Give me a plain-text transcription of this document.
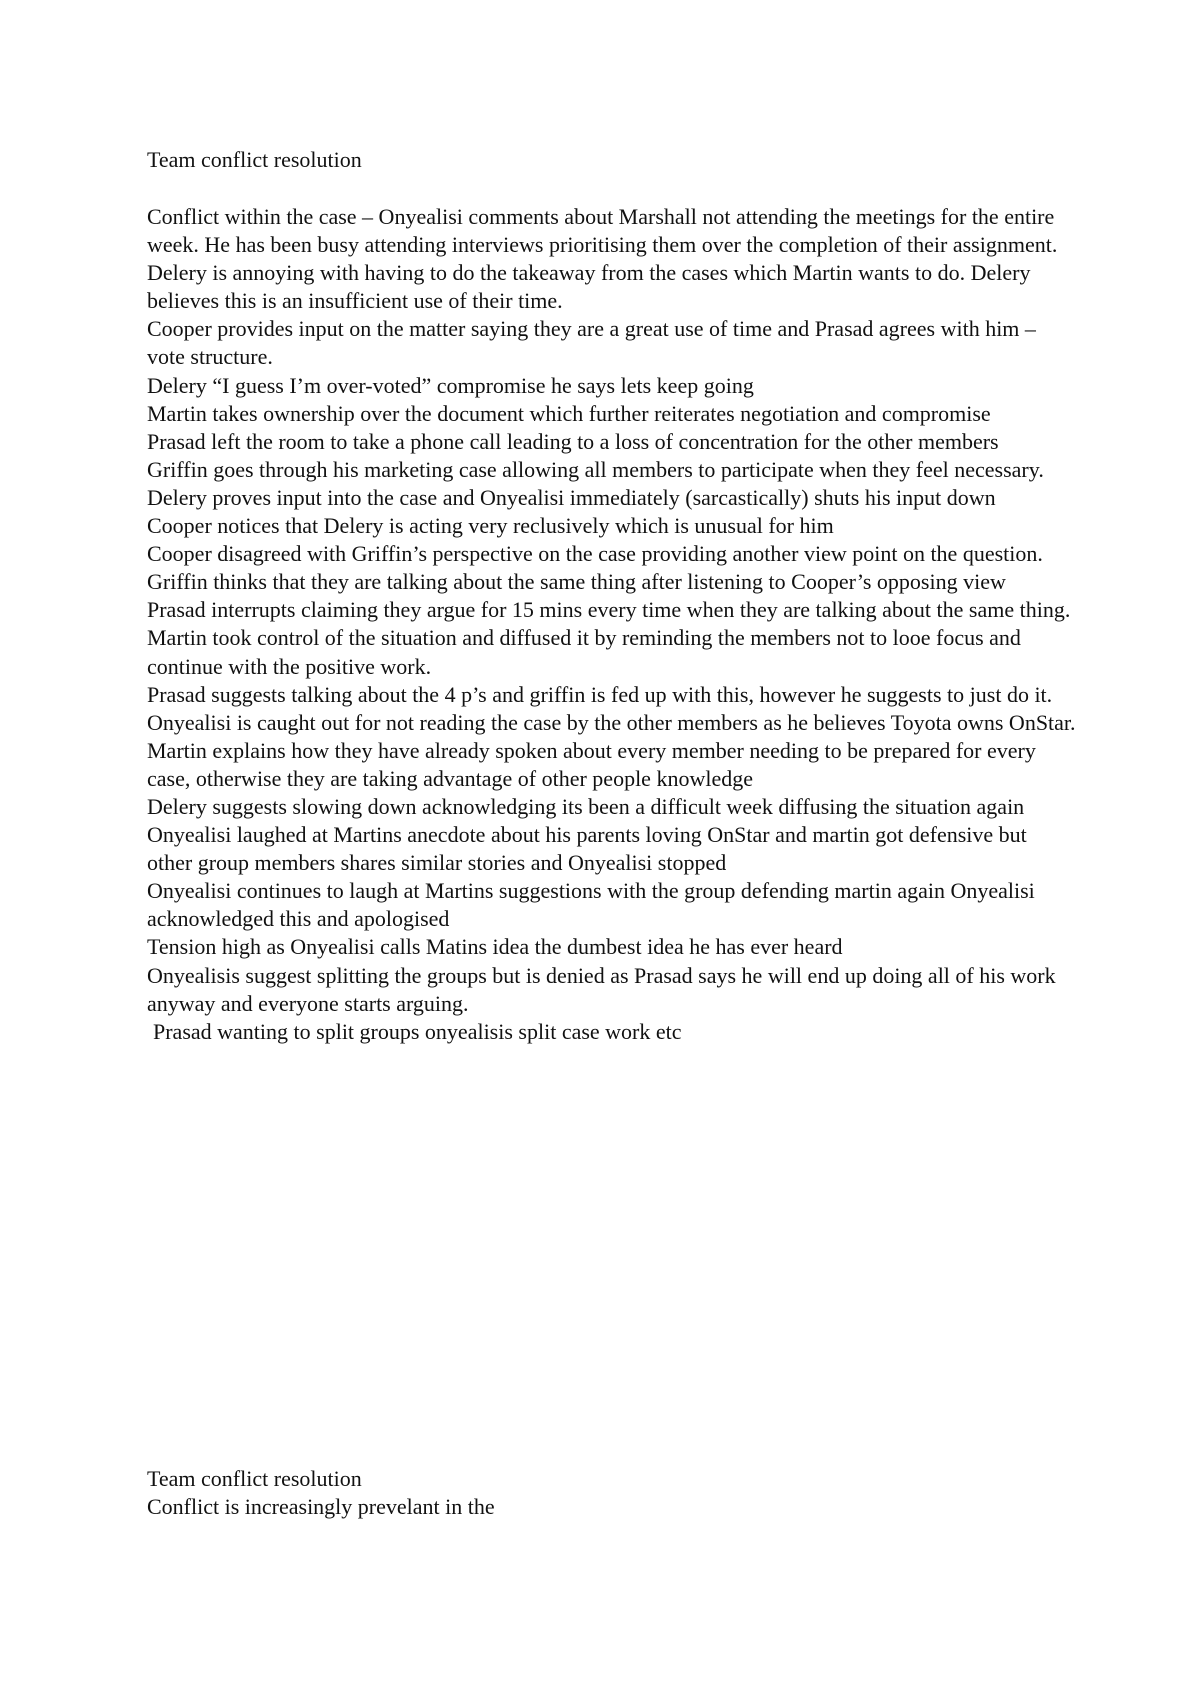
Team conflict resolution
Conflict within the case – Onyealisi comments about Marshall not attending the meetings for the entire week. He has been busy attending interviews prioritising them over the completion of their assignment.
Delery is annoying with having to do the takeaway from the cases which Martin wants to do. Delery believes this is an insufficient use of their time.
Cooper provides input on the matter saying they are a great use of time and Prasad agrees with him – vote structure.
Delery “I guess I’m over-voted” compromise he says lets keep going
Martin takes ownership over the document which further reiterates negotiation and compromise
Prasad left the room to take a phone call leading to a loss of concentration for the other members
Griffin goes through his marketing case allowing all members to participate when they feel necessary.
Delery proves input into the case and Onyealisi immediately (sarcastically) shuts his input down
Cooper notices that Delery is acting very reclusively which is unusual for him
Cooper disagreed with Griffin’s perspective on the case providing another view point on the question.
Griffin thinks that they are talking about the same thing after listening to Cooper’s opposing view
Prasad interrupts claiming they argue for 15 mins every time when they are talking about the same thing.
Martin took control of the situation and diffused it by reminding the members not to looe focus and continue with the positive work.
Prasad suggests talking about the 4 p’s and griffin is fed up with this, however he suggests to just do it.
Onyealisi is caught out for not reading the case by the other members as he believes Toyota owns OnStar.
Martin explains how they have already spoken about every member needing to be prepared for every case, otherwise they are taking advantage of other people knowledge
Delery suggests slowing down acknowledging its been a difficult week diffusing the situation again
Onyealisi laughed at Martins anecdote about his parents loving OnStar and martin got defensive but other group members shares similar stories and Onyealisi stopped
Onyealisi continues to laugh at Martins suggestions with the group defending martin again Onyealisi acknowledged this and apologised
Tension high as Onyealisi calls Matins idea the dumbest idea he has ever heard
Onyealisis suggest splitting the groups but is denied as Prasad says he will end up doing all of his work anyway and everyone starts arguing.
Prasad wanting to split groups onyealisis split case work etc
Team conflict resolution
Conflict is increasingly prevelant in the
